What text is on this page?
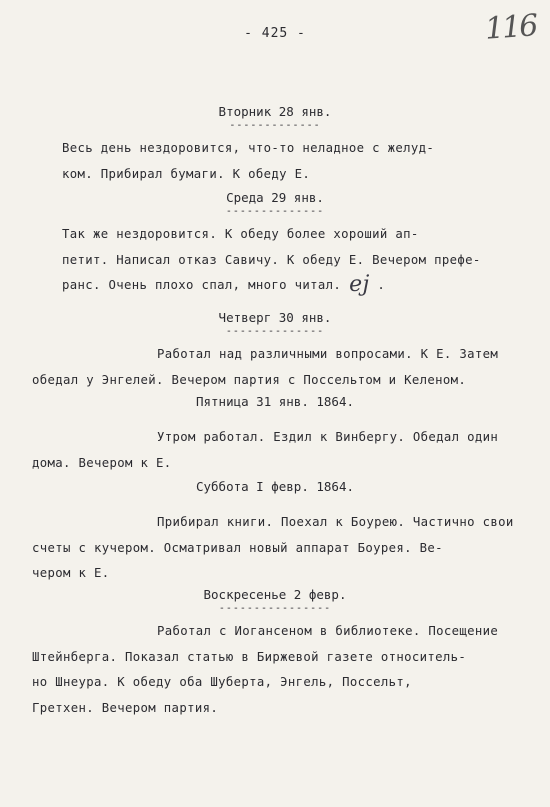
- 425 -	116
Вторник 28 янв.
-------------
Весь день нездоровится, что-то неладное с желуд-
ком. Прибирал бумаги. К обеду Е.
Среда 29 янв.
--------------
Так же нездоровится. К обеду более хороший ап-
петит. Написал отказ Савичу. К обеду Е. Вечером префе-
ранс. Очень плохо спал, много читал. ej .
Четверг 30 янв.
--------------
Работал над различными вопросами. К Е. Затем
обедал у Энгелей. Вечером партия с Посcельтом и Келеном.
Пятница 31 янв. 1864.
Утром работал. Ездил к Винбергу. Обедал один
дома. Вечером к Е.
Суббота I февр. 1864.
Прибирал книги. Поехал к Боурею. Частично свои
счеты с кучером. Осматривал новый аппарат Боурея. Ве-
чером к Е.
Воскресенье 2 февр.
----------------
Работал с Иогансеном в библиотеке. Посещение
Штейнберга. Показал статью в Биржевой газете относитель-
но Шнеура. К обеду оба Шуберта, Энгель, Поссельт,
Гретхен. Вечером партия.
